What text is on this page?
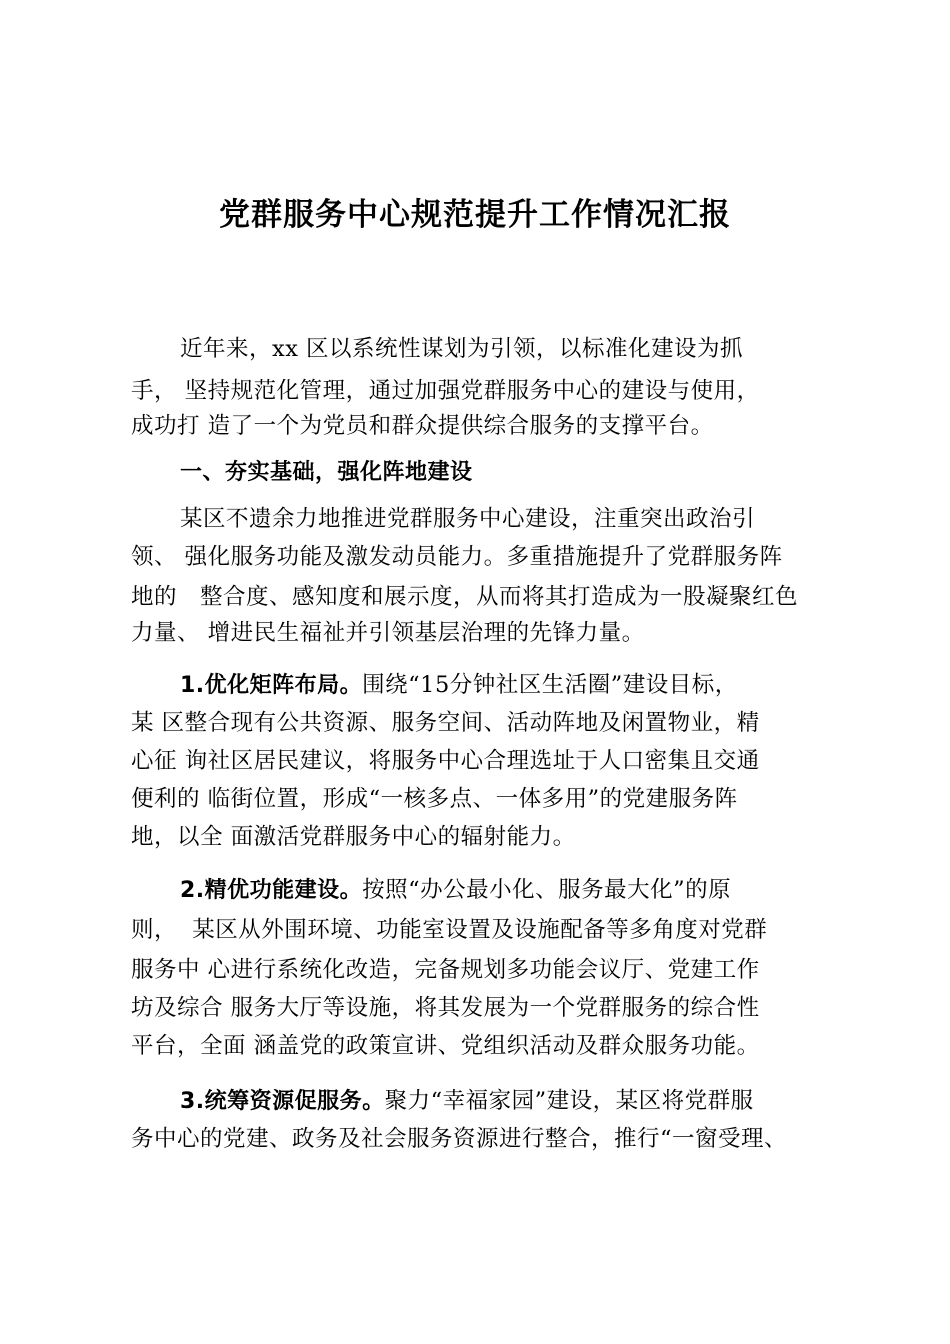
党群服务中心规范提升工作情况汇报
近年来，xx 区以系统性谋划为引领，以标准化建设为抓
手， 坚持规范化管理，通过加强党群服务中心的建设与使用，
成功打 造了一个为党员和群众提供综合服务的支撑平台。
一、夯实基础，强化阵地建设
某区不遗余力地推进党群服务中心建设，注重突出政治引
领、 强化服务功能及激发动员能力。多重措施提升了党群服务阵
地的   整合度、感知度和展示度，从而将其打造成为一股凝聚红色
力量、 增进民生福祉并引领基层治理的先锋力量。
1.优化矩阵布局。围绕“15分钟社区生活圈”建设目标，
某 区整合现有公共资源、服务空间、活动阵地及闲置物业，精
心征 询社区居民建议，将服务中心合理选址于人口密集且交通
便利的 临街位置，形成“一核多点、一体多用”的党建服务阵
地，以全 面激活党群服务中心的辐射能力。
2.精优功能建设。按照“办公最小化、服务最大化”的原
则，  某区从外围环境、功能室设置及设施配备等多角度对党群
服务中 心进行系统化改造，完备规划多功能会议厅、党建工作
坊及综合 服务大厅等设施，将其发展为一个党群服务的综合性
平台，全面 涵盖党的政策宣讲、党组织活动及群众服务功能。
3.统筹资源促服务。聚力“幸福家园”建设，某区将党群服
务中心的党建、政务及社会服务资源进行整合，推行“一窗受理、
